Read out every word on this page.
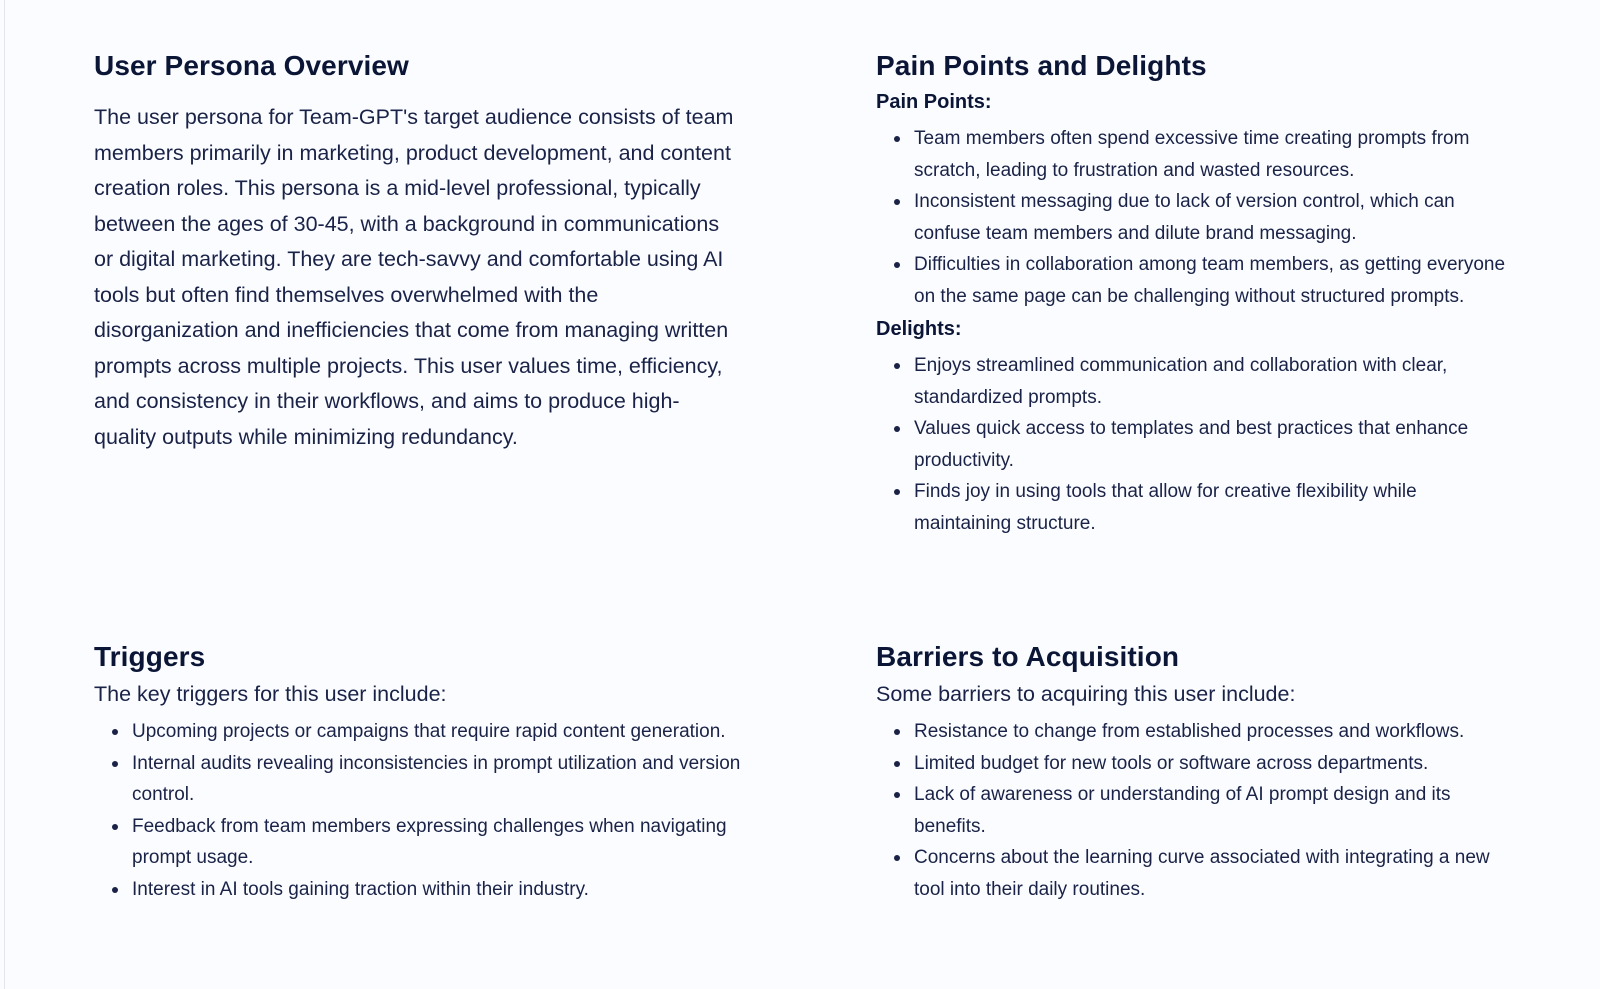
User Persona Overview

The user persona for Team-GPT's target audience consists of team members primarily in marketing, product development, and content creation roles. This persona is a mid-level professional, typically between the ages of 30-45, with a background in communications or digital marketing. They are tech-savvy and comfortable using AI tools but often find themselves overwhelmed with the disorganization and inefficiencies that come from managing written prompts across multiple projects. This user values time, efficiency, and consistency in their workflows, and aims to produce high-quality outputs while minimizing redundancy.

Pain Points and Delights
Pain Points:
Team members often spend excessive time creating prompts from scratch, leading to frustration and wasted resources.
Inconsistent messaging due to lack of version control, which can confuse team members and dilute brand messaging.
Difficulties in collaboration among team members, as getting everyone on the same page can be challenging without structured prompts.
Delights:
Enjoys streamlined communication and collaboration with clear, standardized prompts.
Values quick access to templates and best practices that enhance productivity.
Finds joy in using tools that allow for creative flexibility while maintaining structure.
Triggers
The key triggers for this user include:
Upcoming projects or campaigns that require rapid content generation.
Internal audits revealing inconsistencies in prompt utilization and version control.
Feedback from team members expressing challenges when navigating prompt usage.
Interest in AI tools gaining traction within their industry.
Barriers to Acquisition
Some barriers to acquiring this user include:
Resistance to change from established processes and workflows.
Limited budget for new tools or software across departments.
Lack of awareness or understanding of AI prompt design and its benefits.
Concerns about the learning curve associated with integrating a new tool into their daily routines.
